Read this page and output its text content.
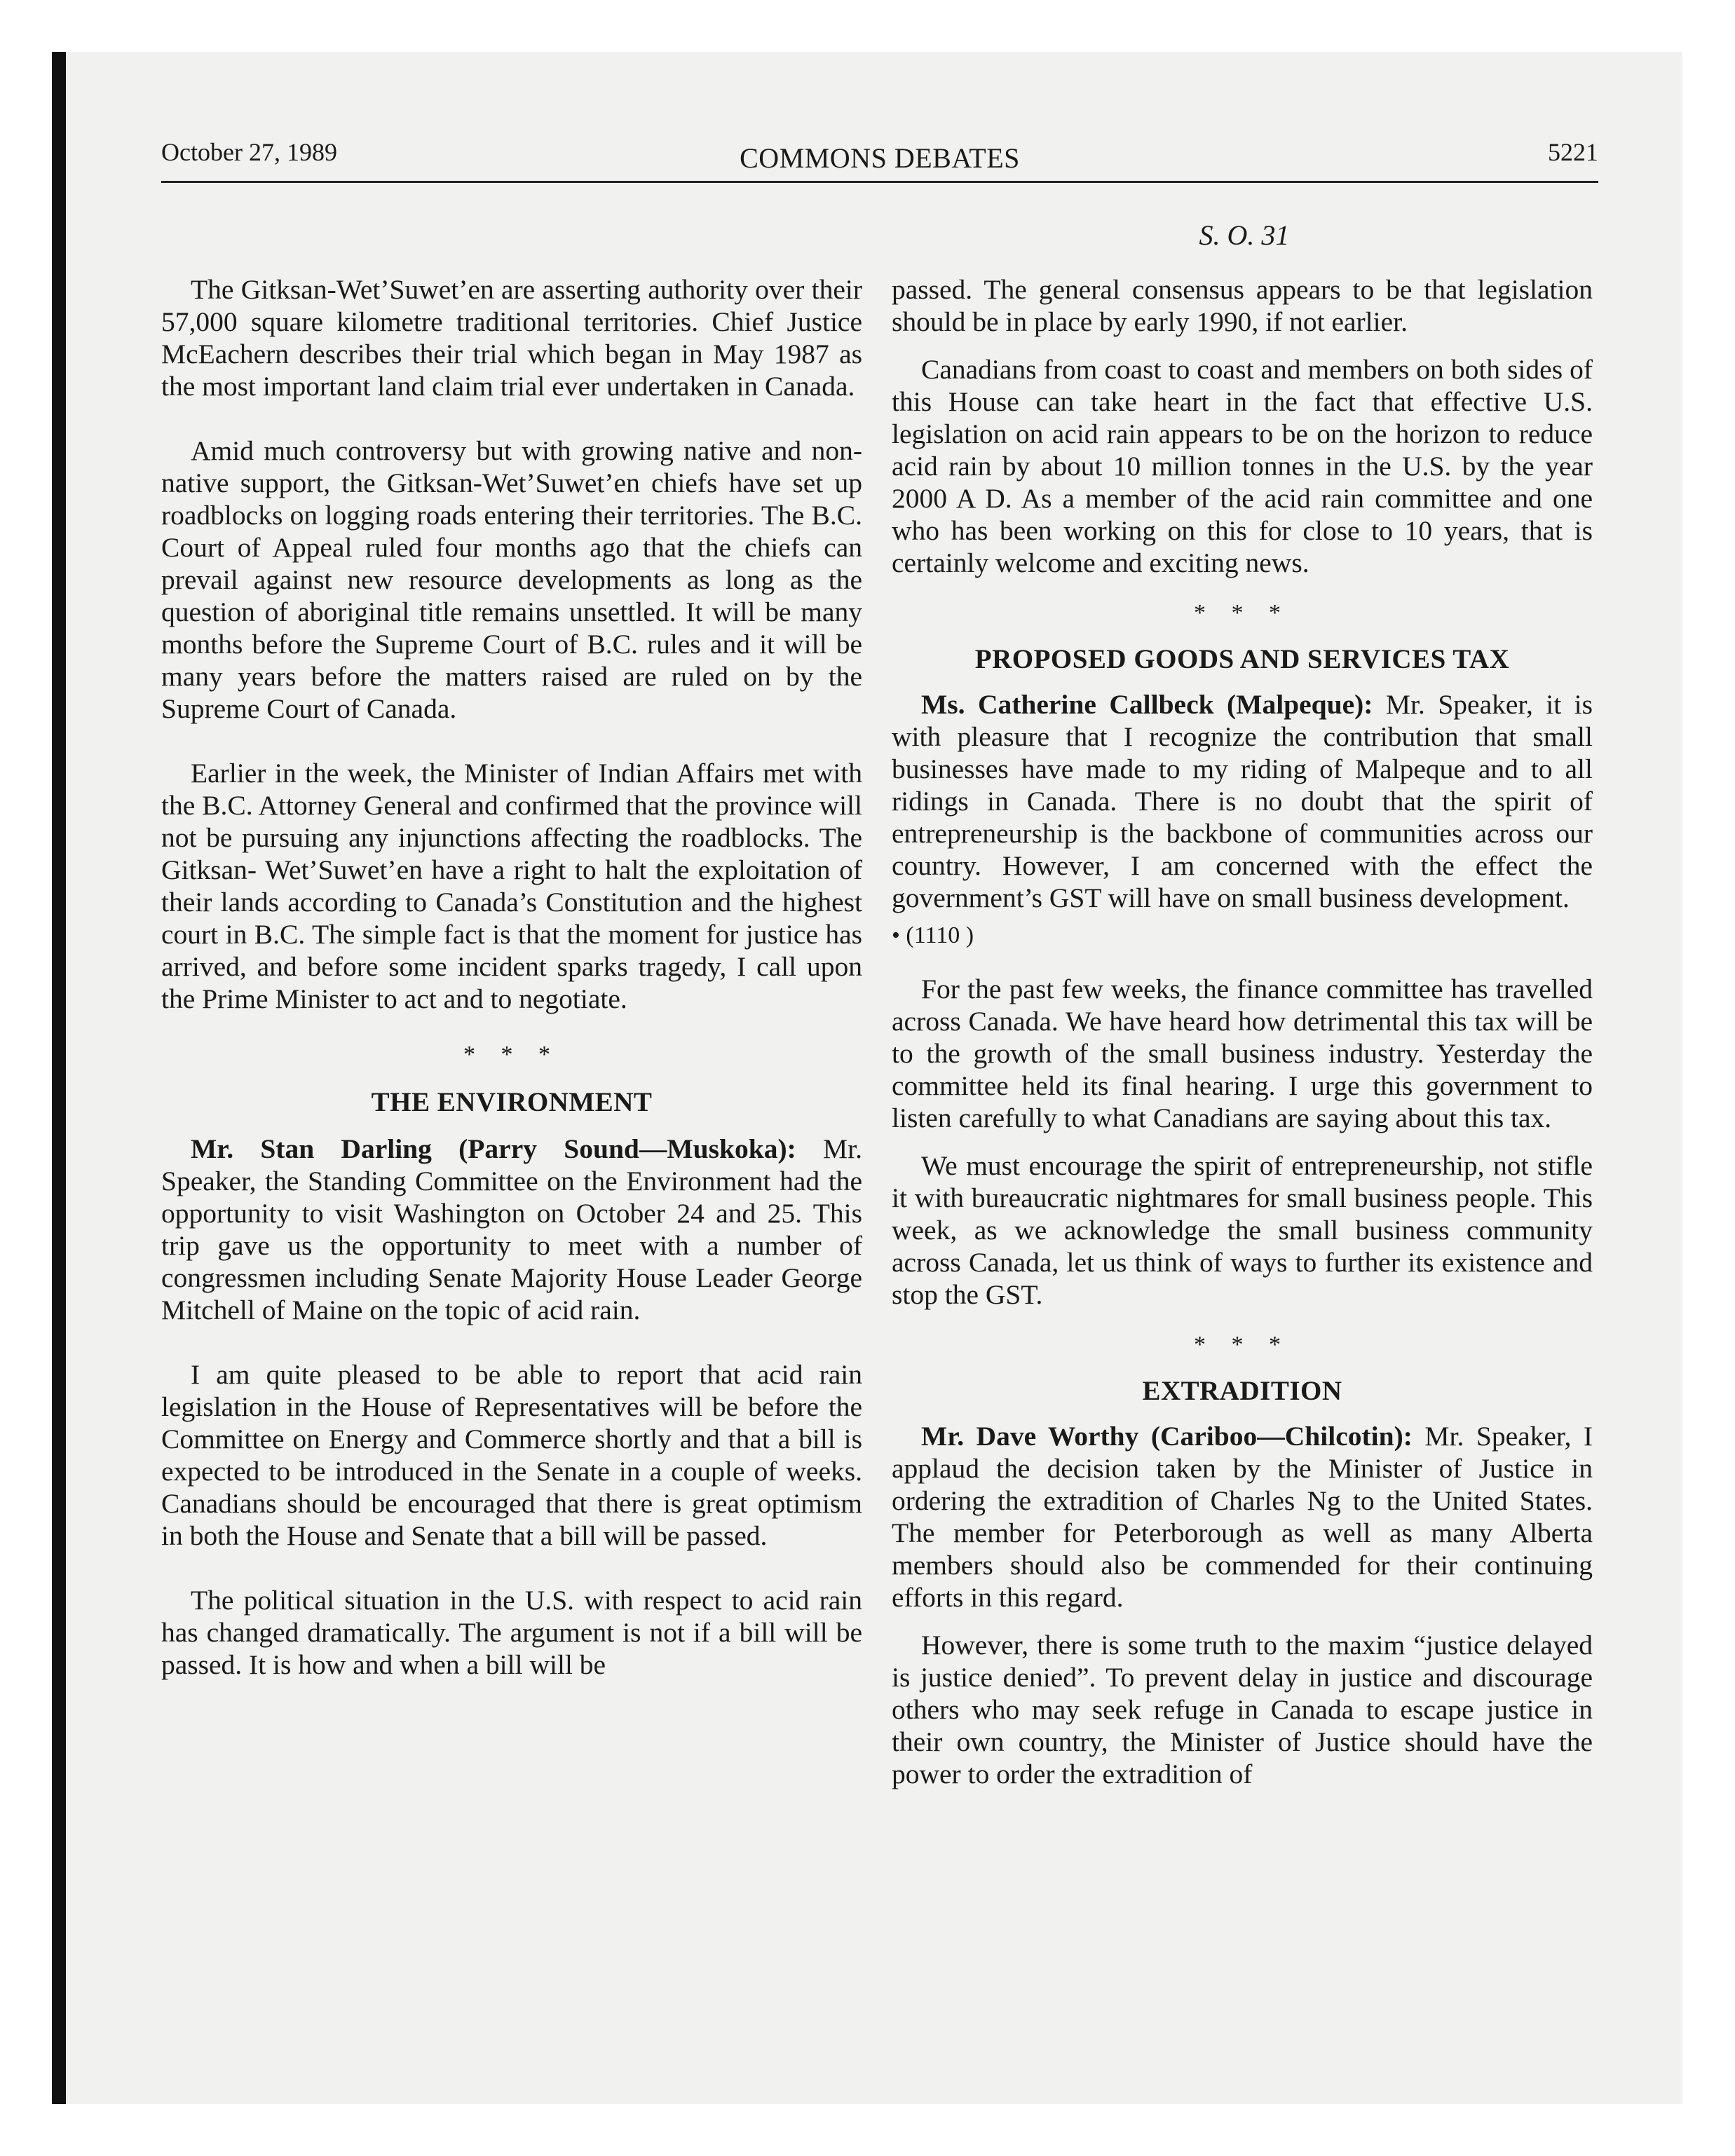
October 27, 1989	COMMONS DEBATES	5221
S. O. 31

The Gitksan-Wet’Suwet’en are asserting authority over their 57,000 square kilometre traditional territories. Chief Justice McEachern describes their trial which began in May 1987 as the most important land claim trial ever undertaken in Canada.

Amid much controversy but with growing native and non-native support, the Gitksan-Wet’Suwet’en chiefs have set up roadblocks on logging roads entering their territories. The B.C. Court of Appeal ruled four months ago that the chiefs can prevail against new resource developments as long as the question of aboriginal title remains unsettled. It will be many months before the Supreme Court of B.C. rules and it will be many years before the matters raised are ruled on by the Supreme Court of Canada.

Earlier in the week, the Minister of Indian Affairs met with the B.C. Attorney General and confirmed that the province will not be pursuing any injunctions affecting the roadblocks. The Gitksan- Wet’Suwet’en have a right to halt the exploitation of their lands according to Canada’s Constitution and the highest court in B.C. The simple fact is that the moment for justice has arrived, and before some incident sparks tragedy, I call upon the Prime Minister to act and to negotiate.

* * *
THE ENVIRONMENT

Mr. Stan Darling (Parry Sound—Muskoka): Mr. Speaker, the Standing Committee on the Environment had the opportunity to visit Washington on October 24 and 25. This trip gave us the opportunity to meet with a number of congressmen including Senate Majority House Leader George Mitchell of Maine on the topic of acid rain.

I am quite pleased to be able to report that acid rain legislation in the House of Representatives will be before the Committee on Energy and Commerce shortly and that a bill is expected to be introduced in the Senate in a couple of weeks. Canadians should be encouraged that there is great optimism in both the House and Senate that a bill will be passed.

The political situation in the U.S. with respect to acid rain has changed dramatically. The argument is not if a bill will be passed. It is how and when a bill will be

passed. The general consensus appears to be that legislation should be in place by early 1990, if not earlier.

Canadians from coast to coast and members on both sides of this House can take heart in the fact that effective U.S. legislation on acid rain appears to be on the horizon to reduce acid rain by about 10 million tonnes in the U.S. by the year 2000 A D. As a member of the acid rain committee and one who has been working on this for close to 10 years, that is certainly welcome and exciting news.

* * *
PROPOSED GOODS AND SERVICES TAX

Ms. Catherine Callbeck (Malpeque): Mr. Speaker, it is with pleasure that I recognize the contribution that small businesses have made to my riding of Malpeque and to all ridings in Canada. There is no doubt that the spirit of entrepreneurship is the backbone of communities across our country. However, I am concerned with the effect the government’s GST will have on small business development.

• (1110 )

For the past few weeks, the finance committee has travelled across Canada. We have heard how detrimental this tax will be to the growth of the small business industry. Yesterday the committee held its final hearing. I urge this government to listen carefully to what Canadians are saying about this tax.

We must encourage the spirit of entrepreneurship, not stifle it with bureaucratic nightmares for small business people. This week, as we acknowledge the small business community across Canada, let us think of ways to further its existence and stop the GST.

* * *
EXTRADITION

Mr. Dave Worthy (Cariboo—Chilcotin): Mr. Speaker, I applaud the decision taken by the Minister of Justice in ordering the extradition of Charles Ng to the United States. The member for Peterborough as well as many Alberta members should also be commended for their continuing efforts in this regard.

However, there is some truth to the maxim “justice delayed is justice denied”. To prevent delay in justice and discourage others who may seek refuge in Canada to escape justice in their own country, the Minister of Justice should have the power to order the extradition of
